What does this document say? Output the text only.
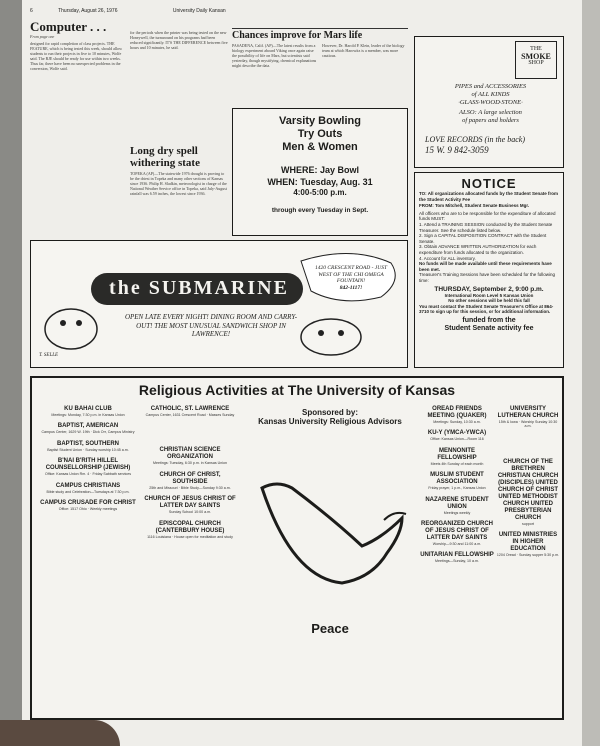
6	Thursday, August 26, 1976	University Daily Kansan
Computer . . .
From page one
designed for rapid completion of class projects. THE FEATURE, which is being tested this week, should allow students to run their projects in five to 10 minutes, Wolfe said. The RJE should be ready for use within two weeks. Thus far, there have been no unexpected problems in the conversion, Wolfe said.
for the periods when the printer was being tested on the new Honeywell, the turnaround on his programs had been reduced significantly. IT'S THE DIFFERENCE between five hours and 10 minutes, he said.
Chances improve for Mars life
PASADENA, Calif. (AP)—The latest results from a biology experiment aboard Viking once again raise the possibility of life on Mars, but scientists said yesterday, though mystifying, chemical explanations might describe the data.
However, Dr. Harold P. Klein, leader of the biology team at which Harowitz is a member, was more cautious.
Long dry spell withering state
TOPEKA (AP)—The statewide 1976 drought is proving to be the driest in Topeka and many other sections of Kansas since 1936. Philip H. Sladkin, meteorologist in charge of the National Weather Service office in Topeka, said July-August rainfall was 6.59 inches, the lowest since 1936.
THE
SMOKE
SHOP
PIPES and ACCESSORIES
of ALL KINDS
·GLASS·WOOD·STONE·
ALSO: A large selection
of papers and holders
LOVE RECORDS (in the back)
15 W. 9 842-3059
Varsity Bowling
Try Outs
Men & Women
WHERE: Jay Bowl
WHEN: Tuesday, Aug. 31
4:00-5:00 p.m.
through every Tuesday in Sept.
NOTICE
TO: All organizations allocated funds by the Student Senate from the Student Activity Fee
FROM: Tom Mitchell, Student Senate Business Mgr.
All officers who are to be responsible for the expenditure of allocated funds MUST:
1. Attend a TRAINING SESSION conducted by the Student Senate Treasurer. See the schedule listed below.
2. Sign a CAPITAL DISPOSITION CONTRACT with the Student Senate.
3. Obtain ADVANCE WRITTEN AUTHORIZATION for each expenditure from funds allocated to the organization.
4. Account for ALL inventory.
No funds will be made available until these requirements have been met.
Treasurer's Training Sessions have been scheduled for the following time:
THURSDAY, September 2, 9:00 p.m.
International Room Level 5 Kansas Union
No other sessions will be held this fall
You must contact the Student Senate Treasurer's Office at 864-3710 to sign up for this session, or for additional information.
funded from the
Student Senate activity fee
the SUBMARINE
1420 CRESCENT ROAD - JUST WEST OF THE CHI OMEGA FOUNTAIN!
842-1117!
OPEN LATE EVERY NIGHT! DINING ROOM AND CARRY-OUT! THE MOST UNUSUAL SANDWICH SHOP IN LAWRENCE!
T. SELLE
Religious Activities at The University of Kansas
KU BAHAI CLUB
Meetings: Monday, 7:30 p.m. in Kansas Union
BAPTIST, AMERICAN
Campus Center, 1629 W. 19th · Dick Orr, Campus Ministry
BAPTIST, SOUTHERN
Baptist Student Union · Sunday worship 10:45 a.m.
B'NAI B'RITH HILLEL COUNSELLORSHIP (JEWISH)
Office: Kansas Union Rm. 4 · Friday Sabbath services
CAMPUS CHRISTIANS
Bible study and Celebration—Tuesdays at 7:30 p.m.
CAMPUS CRUSADE FOR CHRIST
Office: 1517 Ohio · Weekly meetings
CATHOLIC, ST. LAWRENCE
Campus Center, 1631 Crescent Road · Masses Sunday
CHRISTIAN SCIENCE ORGANIZATION
Meetings: Tuesday, 6:30 p.m. in Kansas Union
CHURCH OF CHRIST, SOUTHSIDE
25th and Missouri · Bible Study—Sunday 9:30 a.m.
CHURCH OF JESUS CHRIST OF LATTER DAY SAINTS
Sunday School 10:00 a.m.
EPISCOPAL CHURCH (CANTERBURY HOUSE)
1116 Louisiana · House open for meditation and study
Sponsored by:
Kansas University Religious Advisors
Peace
OREAD FRIENDS MEETING (QUAKER)
Meetings: Sunday, 10:30 a.m.
KU-Y (YMCA-YWCA)
Office: Kansas Union—Room 116
MENNONITE FELLOWSHIP
Meets 4th Sunday of each month
MUSLIM STUDENT ASSOCIATION
Friday prayer, 1 p.m., Kansas Union
NAZARENE STUDENT UNION
Meetings weekly
REORGANIZED CHURCH OF JESUS CHRIST OF LATTER DAY SAINTS
Worship—9:30 and 11:00 a.m.
UNITARIAN FELLOWSHIP
Meetings—Sunday, 10 a.m.
UNIVERSITY LUTHERAN CHURCH
15th & Iowa · Worship Sunday 10:30 a.m.
CHURCH OF THE BRETHREN CHRISTIAN CHURCH (DISCIPLES) UNITED CHURCH OF CHRIST UNITED METHODIST CHURCH UNITED PRESBYTERIAN CHURCH
support
UNITED MINISTRIES IN HIGHER EDUCATION
1204 Oread · Sunday supper 5:30 p.m.
